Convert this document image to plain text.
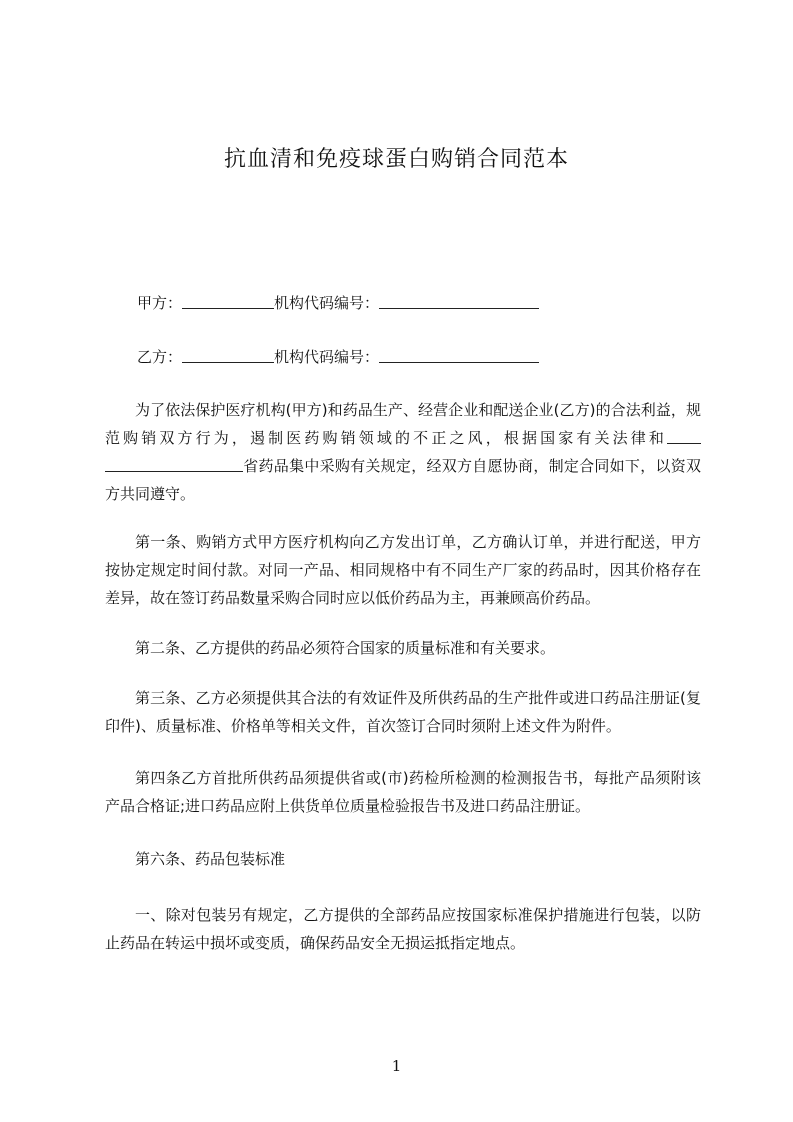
抗血清和免疫球蛋白购销合同范本
甲方：	机构代码编号：
乙方：	机构代码编号：
为了依法保护医疗机构(甲方)和药品生产、经营企业和配送企业(乙方)的合法利益，规范购销双方行为，遏制医药购销领域的不正之风，根据国家有关法律和省药品集中采购有关规定，经双方自愿协商，制定合同如下，以资双方共同遵守。
第一条、购销方式甲方医疗机构向乙方发出订单，乙方确认订单，并进行配送，甲方按协定规定时间付款。对同一产品、相同规格中有不同生产厂家的药品时，因其价格存在差异，故在签订药品数量采购合同时应以低价药品为主，再兼顾高价药品。
第二条、乙方提供的药品必须符合国家的质量标准和有关要求。
第三条、乙方必须提供其合法的有效证件及所供药品的生产批件或进口药品注册证(复印件)、质量标准、价格单等相关文件，首次签订合同时须附上述文件为附件。
第四条乙方首批所供药品须提供省或(市)药检所检测的检测报告书，每批产品须附该产品合格证;进口药品应附上供货单位质量检验报告书及进口药品注册证。
第六条、药品包装标准
一、除对包装另有规定，乙方提供的全部药品应按国家标准保护措施进行包装，以防止药品在转运中损坏或变质，确保药品安全无损运抵指定地点。
1
